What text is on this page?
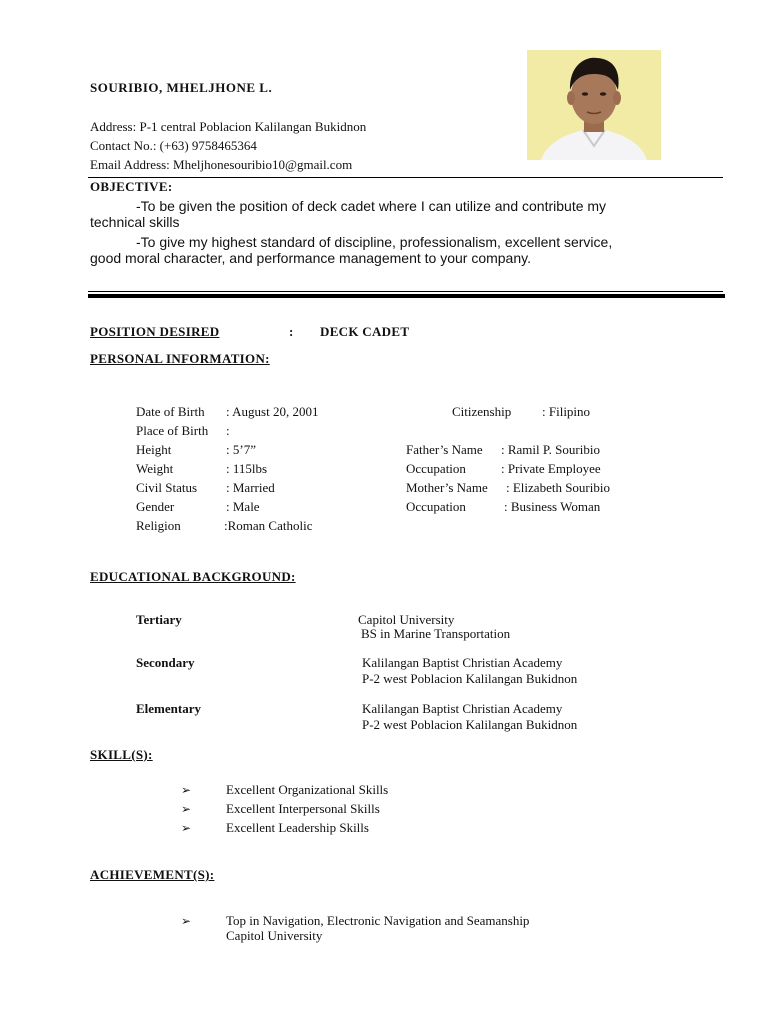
SOURIBIO, MHELJHONE L.
Address: P-1 central Poblacion Kalilangan Bukidnon
Contact No.: (+63) 9758465364
Email Address: Mheljhonesouribio10@gmail.com
OBJECTIVE:
-To be given the position of deck cadet where I can utilize and contribute my
technical skills
-To give my highest standard of discipline, professionalism, excellent service,
good moral character, and performance management to your company.
POSITION DESIRED	: DECK CADET
PERSONAL INFORMATION:
Date of Birth : August 20, 2001
Place of Birth :
Height	: 5’7”
Weight	: 115lbs
Civil Status : Married
Gender	: Male
Religion	:Roman Catholic
Citizenship : Filipino
Father’s Name : Ramil P. Souribio
Occupation	: Private Employee
Mother’s Name : Elizabeth Souribio
Occupation	: Business Woman
EDUCATIONAL BACKGROUND:
Tertiary	Capitol University
BS in Marine Transportation
Secondary	Kalilangan Baptist Christian Academy
P-2 west Poblacion Kalilangan Bukidnon
Elementary	Kalilangan Baptist Christian Academy
P-2 west Poblacion Kalilangan Bukidnon
SKILL(S):
➢	Excellent Organizational Skills
➢	Excellent Interpersonal Skills
➢	Excellent Leadership Skills
ACHIEVEMENT(S):
➢	Top in Navigation, Electronic Navigation and Seamanship
Capitol University
